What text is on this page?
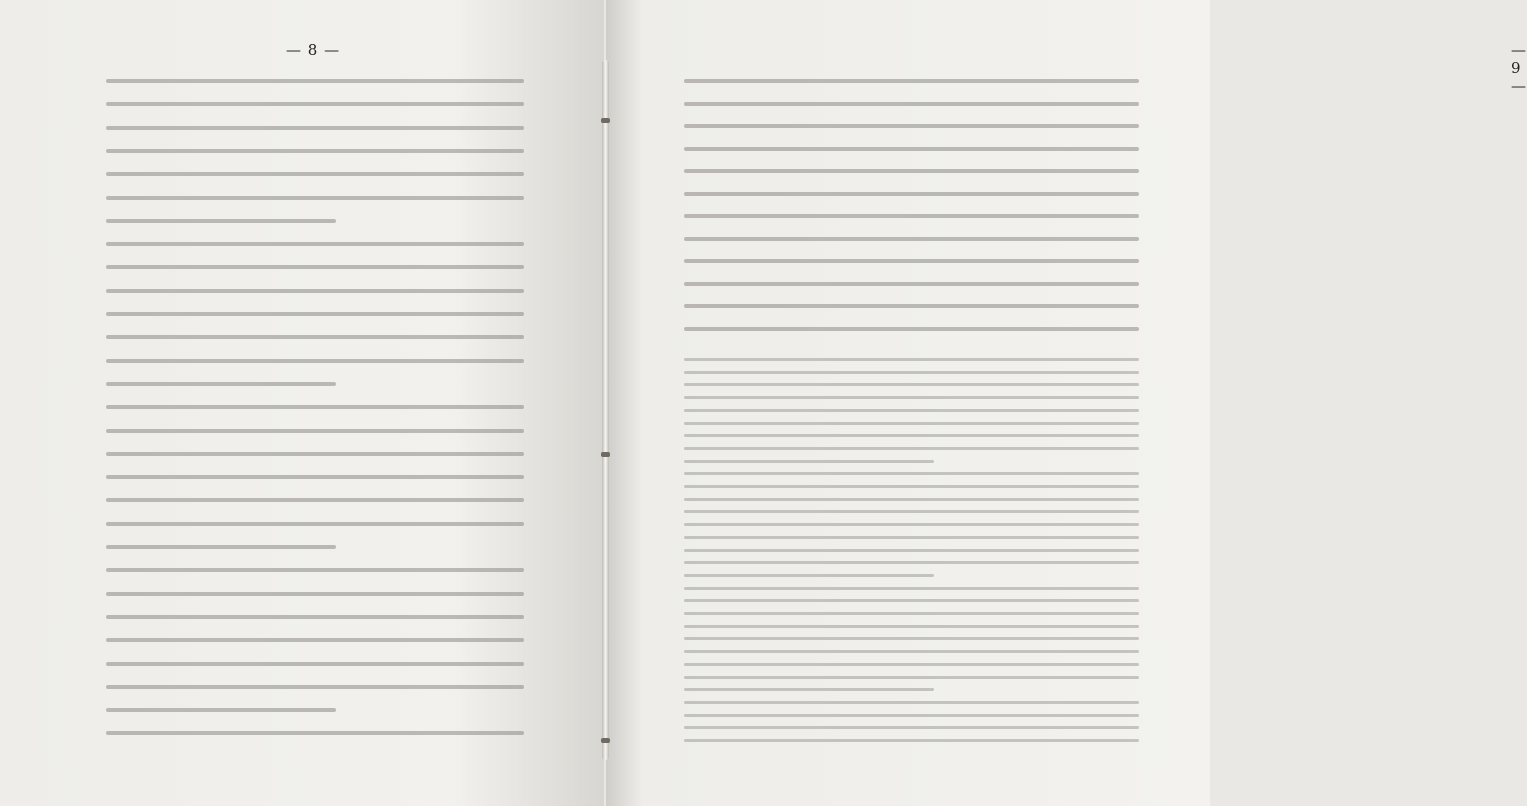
— 8 —	— 9 —
